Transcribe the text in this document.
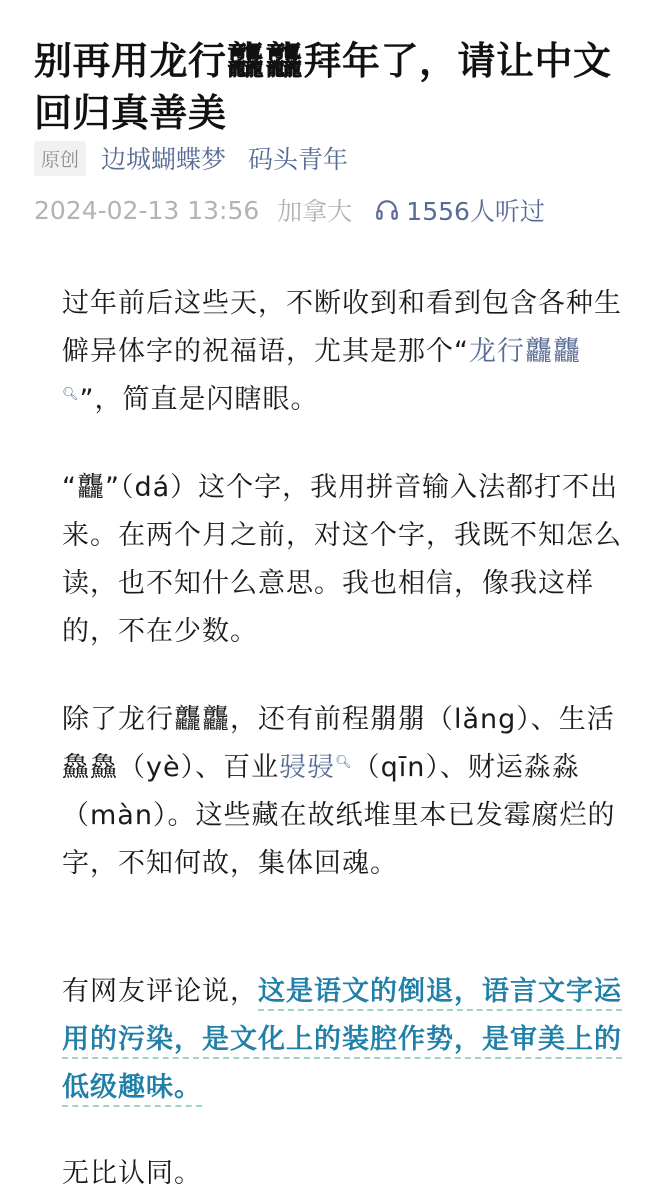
别再用龙行龘龘拜年了，请让中文回归真善美
原创 边城蝴蝶梦 码头青年
2024-02-13 13:56 加拿大 1556人听过

过年前后这些天，不断收到和看到包含各种生僻异体字的祝福语，尤其是那个“龙行龘龘🔍︎”，简直是闪瞎眼。

“龘”（dá）这个字，我用拼音输入法都打不出来。在两个月之前，对这个字，我既不知怎么读，也不知什么意思。我也相信，像我这样的，不在少数。

除了龙行龘龘，还有前程朤朤（lǎng）、生活鱻鱻（yè）、百业骎骎🔍︎（qīn）、财运淼淼（màn）。这些藏在故纸堆里本已发霉腐烂的字，不知何故，集体回魂。

有网友评论说，这是语文的倒退，语言文字运用的污染，是文化上的装腔作势，是审美上的低级趣味。

无比认同。
